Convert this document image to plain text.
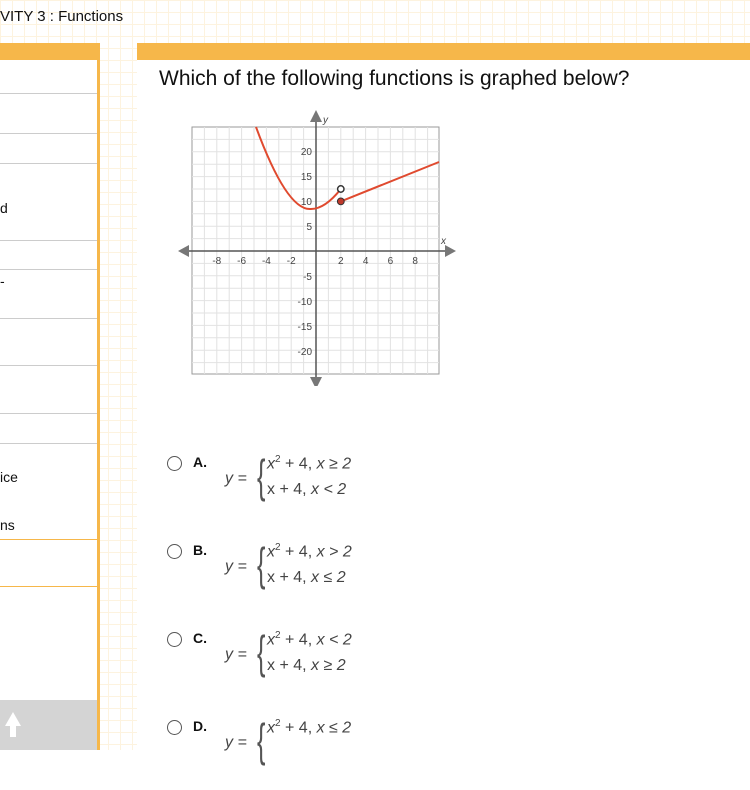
VITY 3 : Functions
d
-
ice
ns
Which of the following functions is graphed below?
x
y
-8 -6 -4 -2	2 4 6 8
20
15
10
5
-5
-10
-15
-20
A.
y = { $x^2 + 4$, x ≥ 2
x + 4, x < 2
B.
y = { $x^2 + 4$, x > 2
x + 4, x ≤ 2
C.
y = { $x^2 + 4$, x < 2
x + 4, x ≥ 2
D.
y = { $x^2 + 4$, x ≤ 2
